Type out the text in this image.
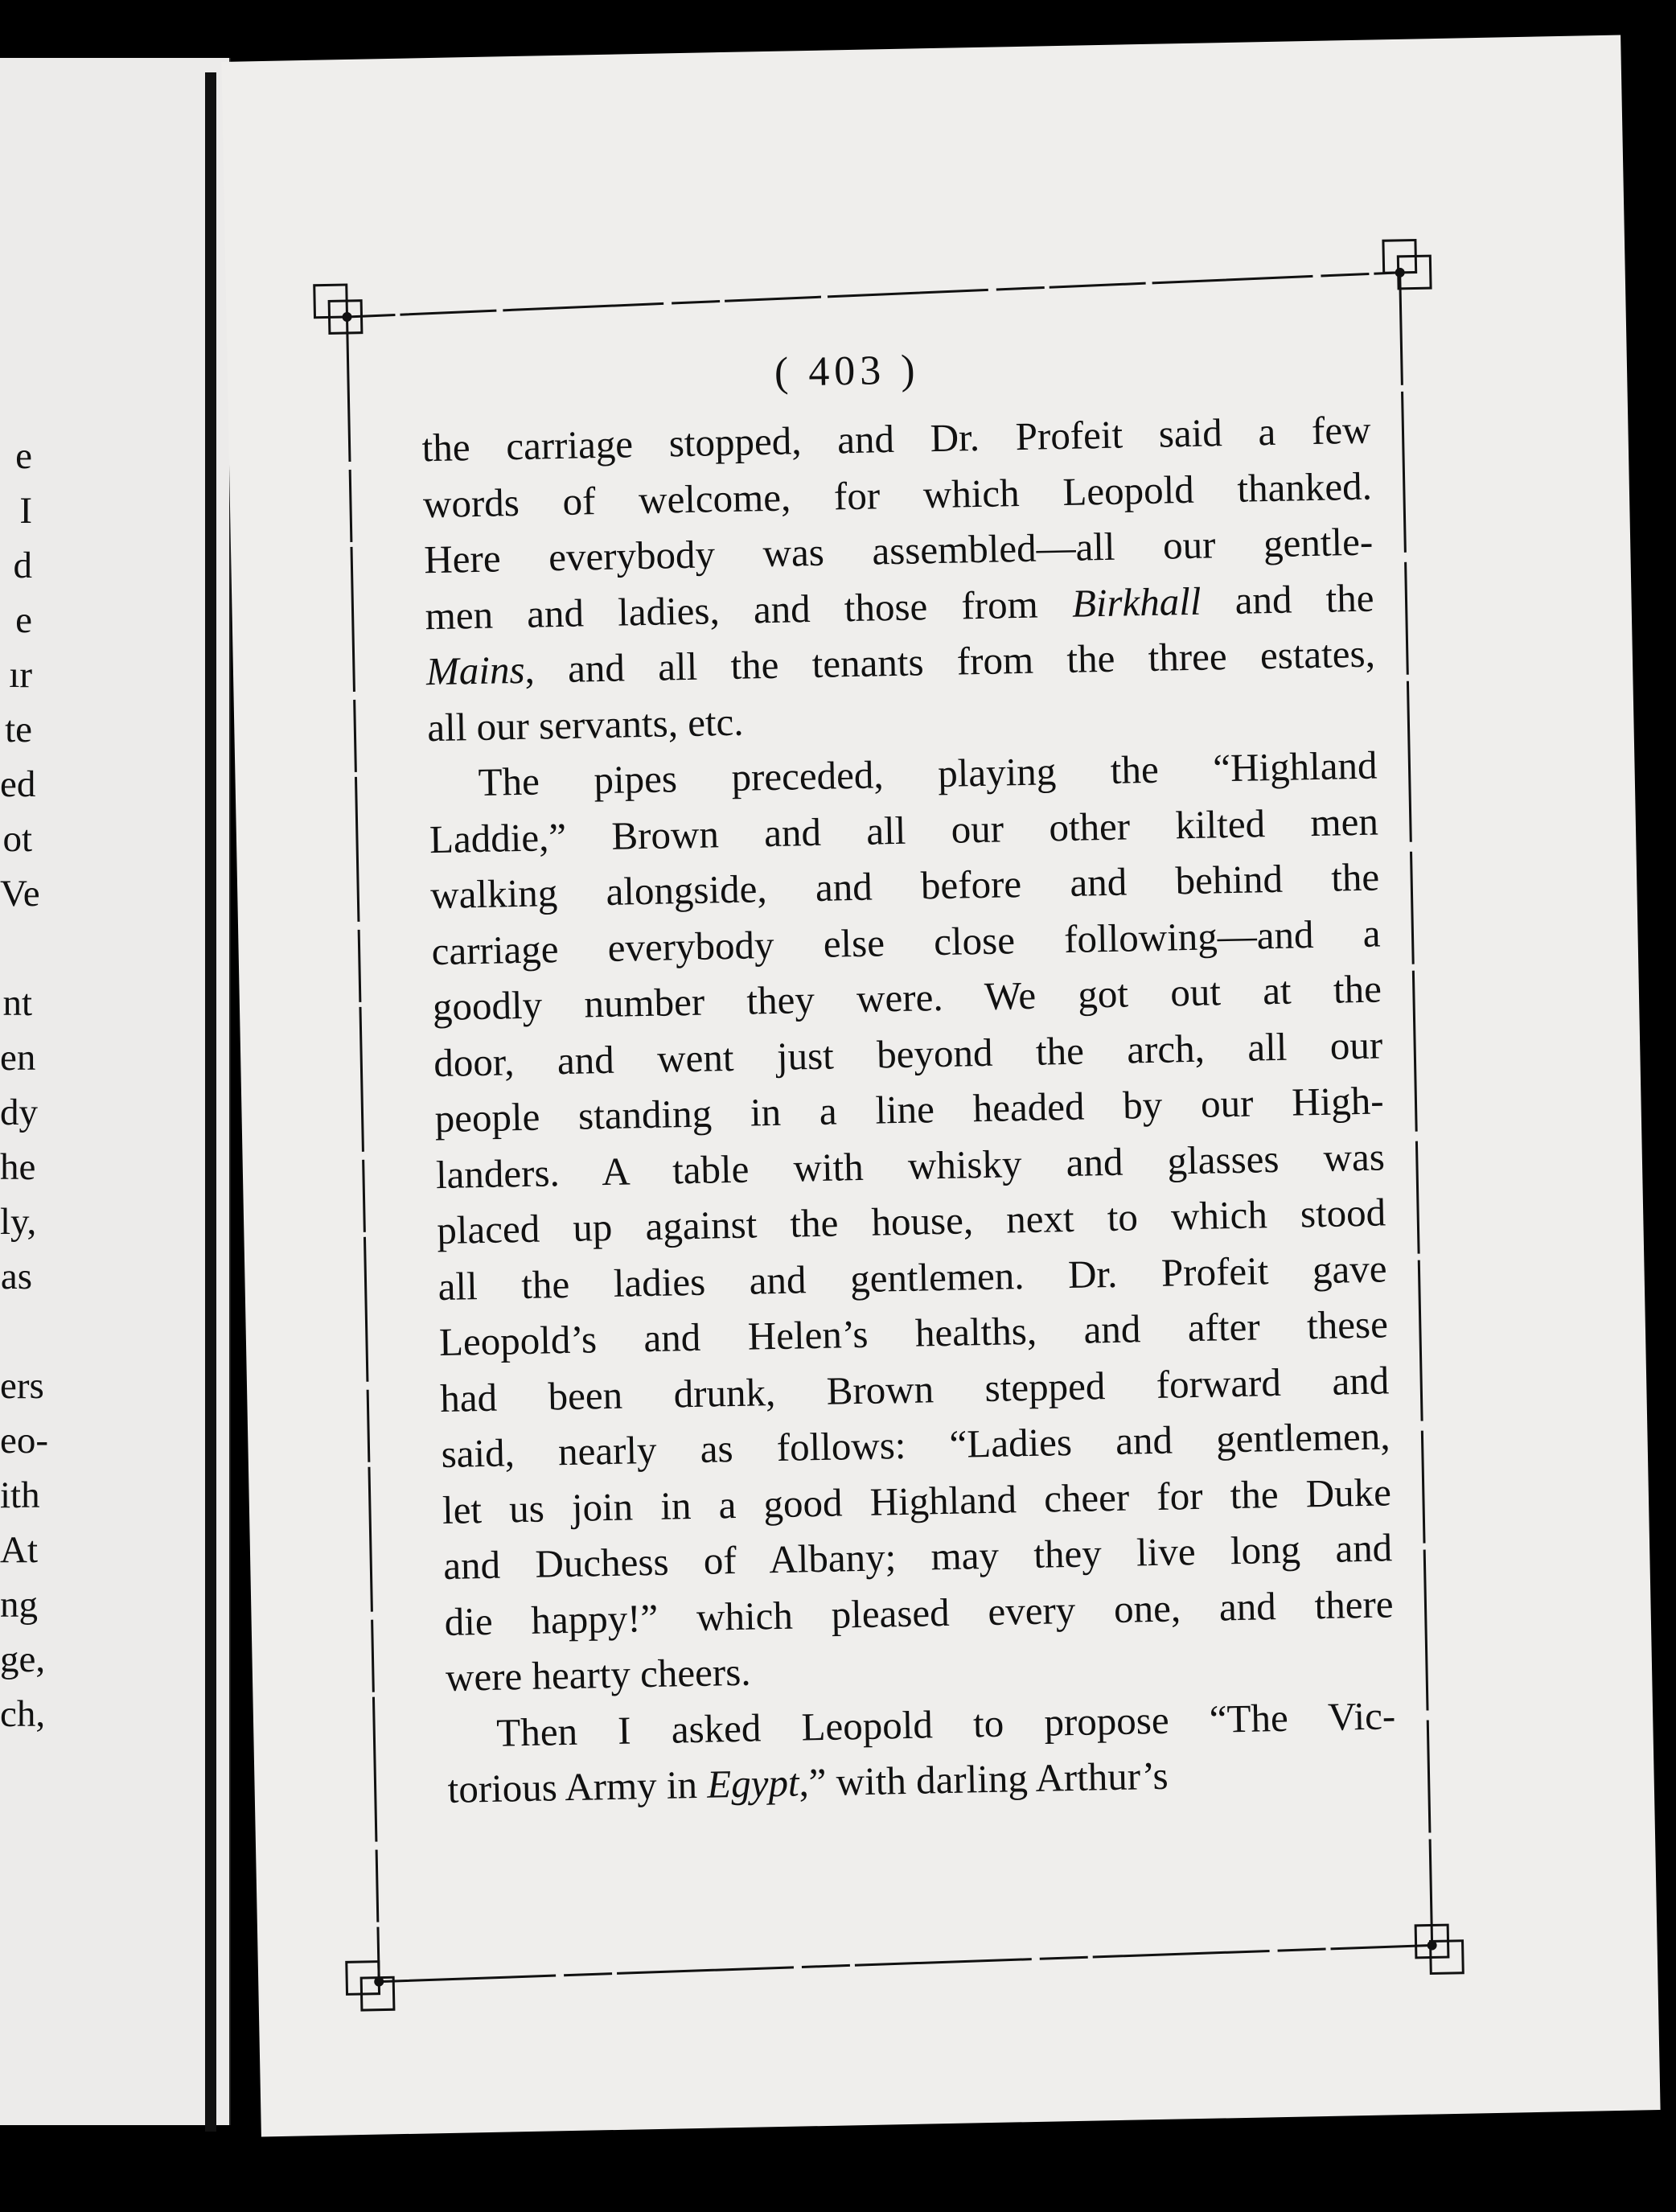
e
I
d
e
ır
te
ed
ot
Ve
nt
en
dy
he
ly,
as
ers
eo-
ith
At
ng
ge,
ch,
( 403 )
the carriage stopped, and Dr. Profeit said a few
words of welcome, for which Leopold thanked.
Here everybody was assembled—all our gentle-
men and ladies, and those from Birkhall and the
Mains, and all the tenants from the three estates,
all our servants, etc.
The pipes preceded, playing the “Highland
Laddie,” Brown and all our other kilted men
walking alongside, and before and behind the
carriage everybody else close following—and a
goodly number they were. We got out at the
door, and went just beyond the arch, all our
people standing in a line headed by our High-
landers. A table with whisky and glasses was
placed up against the house, next to which stood
all the ladies and gentlemen. Dr. Profeit gave
Leopold’s and Helen’s healths, and after these
had been drunk, Brown stepped forward and
said, nearly as follows: “Ladies and gentlemen,
let us join in a good Highland cheer for the Duke
and Duchess of Albany; may they live long and
die happy!” which pleased every one, and there
were hearty cheers.
Then I asked Leopold to propose “The Vic-
torious Army in Egypt,” with darling Arthur’s
